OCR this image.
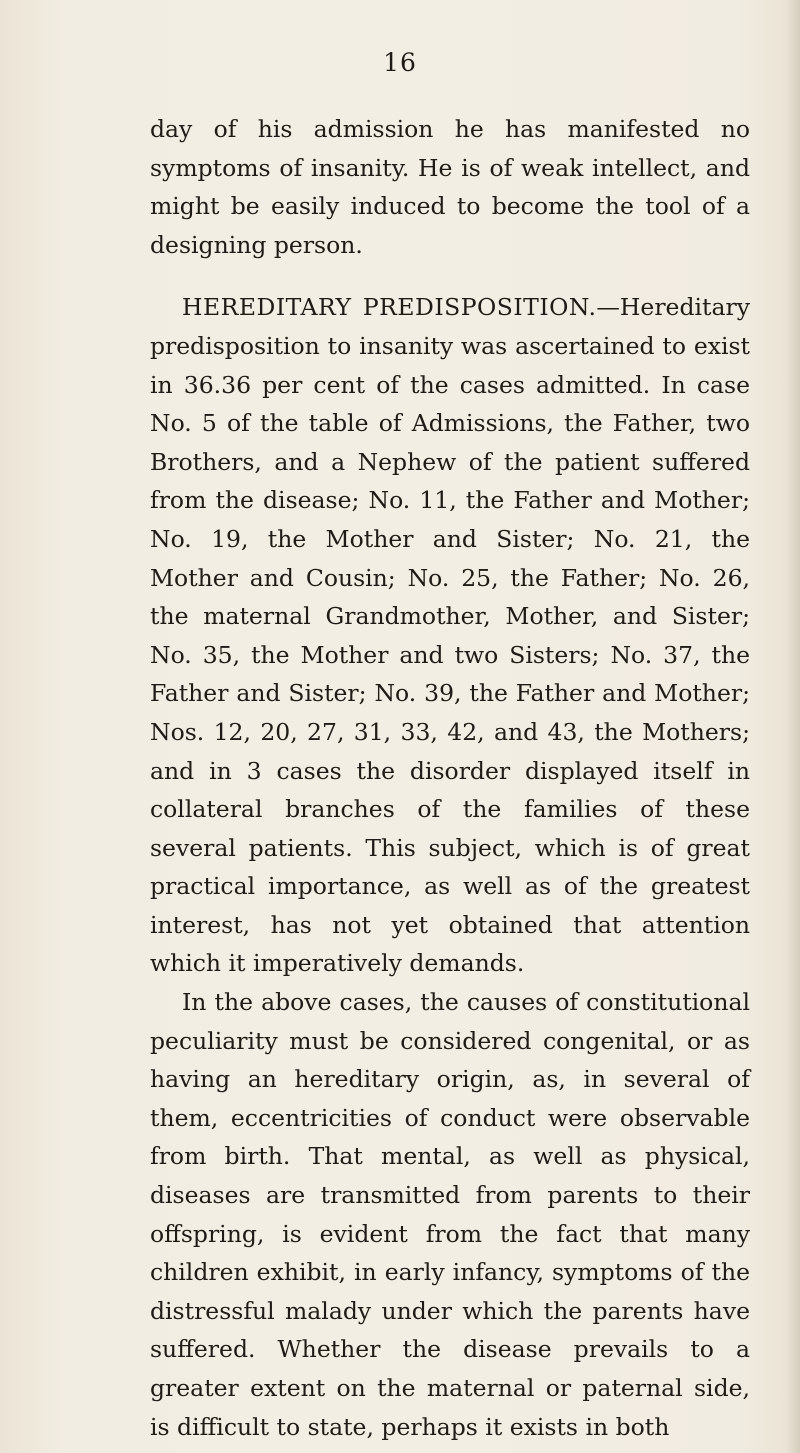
16

day of his admission he has manifested no symptoms of insanity. He is of weak intellect, and might be easily induced to become the tool of a designing person.

HEREDITARY PREDISPOSITION.—Hereditary predisposition to insanity was ascertained to exist in 36.36 per cent of the cases admitted. In case No. 5 of the table of Admissions, the Father, two Brothers, and a Nephew of the patient suffered from the disease; No. 11, the Father and Mother; No. 19, the Mother and Sister; No. 21, the Mother and Cousin; No. 25, the Father; No. 26, the maternal Grandmother, Mother, and Sister; No. 35, the Mother and two Sisters; No. 37, the Father and Sister; No. 39, the Father and Mother; Nos. 12, 20, 27, 31, 33, 42, and 43, the Mothers; and in 3 cases the disorder displayed itself in collateral branches of the families of these several patients. This subject, which is of great practical importance, as well as of the greatest interest, has not yet obtained that attention which it imperatively demands.

In the above cases, the causes of constitutional peculiarity must be considered congenital, or as having an hereditary origin, as, in several of them, eccentricities of conduct were observable from birth. That mental, as well as physical, diseases are transmitted from parents to their offspring, is evident from the fact that many children exhibit, in early infancy, symptoms of the distressful malady under which the parents have suffered. Whether the disease prevails to a greater extent on the maternal or paternal side, is difficult to state, perhaps it exists in both
